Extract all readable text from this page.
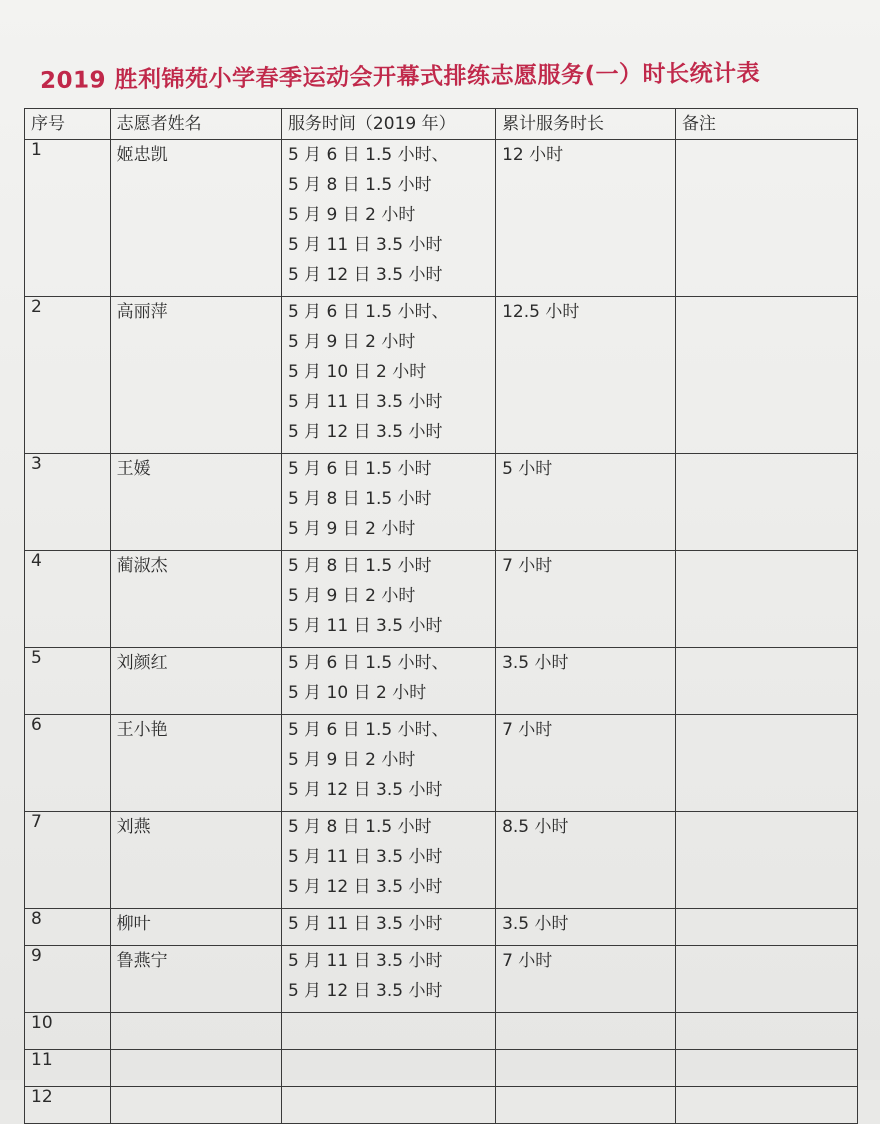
2019 胜利锦苑小学春季运动会开幕式排练志愿服务(一）时长统计表
序号	志愿者姓名	服务时间（2019 年）	累计服务时长	备注
1	姬忠凯	5 月 6 日 1.5 小时、
5 月 8 日 1.5 小时
5 月 9 日 2 小时
5 月 11 日 3.5 小时
5 月 12 日 3.5 小时	12 小时	
2	高丽萍	5 月 6 日 1.5 小时、
5 月 9 日 2 小时
5 月 10 日 2 小时
5 月 11 日 3.5 小时
5 月 12 日 3.5 小时	12.5 小时	
3	王媛	5 月 6 日 1.5 小时
5 月 8 日 1.5 小时
5 月 9 日 2 小时	5 小时	
4	蔺淑杰	5 月 8 日 1.5 小时
5 月 9 日 2 小时
5 月 11 日 3.5 小时	7 小时	
5	刘颜红	5 月 6 日 1.5 小时、
5 月 10 日 2 小时	3.5 小时	
6	王小艳	5 月 6 日 1.5 小时、
5 月 9 日 2 小时
5 月 12 日 3.5 小时	7 小时	
7	刘燕	5 月 8 日 1.5 小时
5 月 11 日 3.5 小时
5 月 12 日 3.5 小时	8.5 小时	
8	柳叶	5 月 11 日 3.5 小时	3.5 小时	
9	鲁燕宁	5 月 11 日 3.5 小时
5 月 12 日 3.5 小时	7 小时	
10				
11				
12				
